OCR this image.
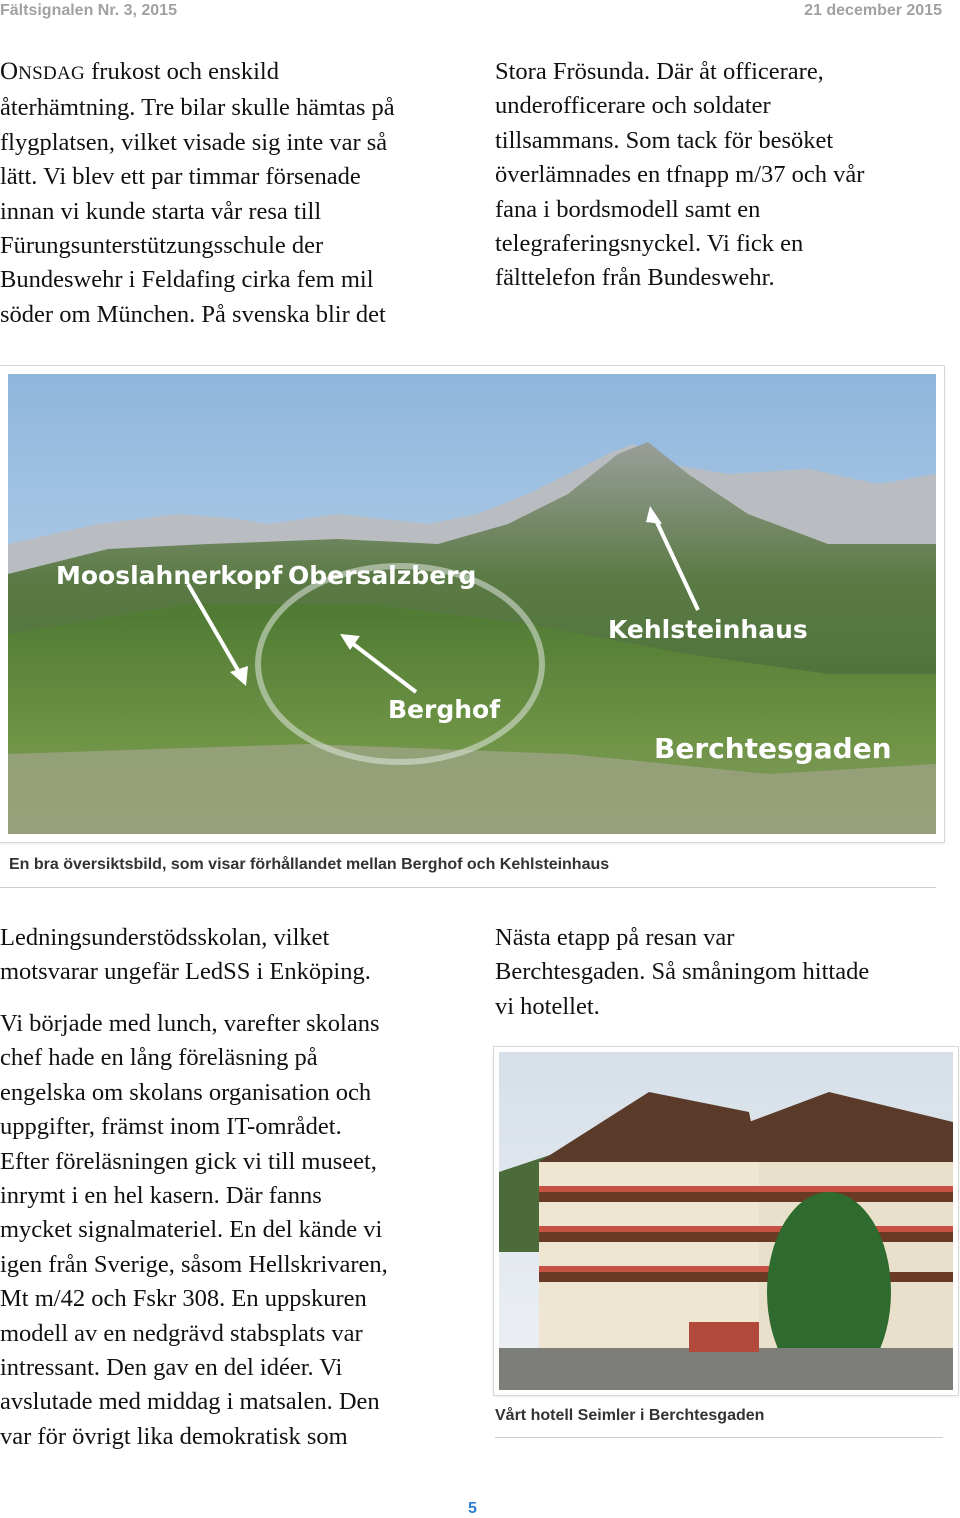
Fältsignalen Nr. 3, 2015	21 december 2015

ONSDAG frukost och enskild

återhämtning. Tre bilar skulle hämtas på

flygplatsen, vilket visade sig inte var så

lätt. Vi blev ett par timmar försenade

innan vi kunde starta vår resa till

Fürungsunterstützungsschule der

Bundeswehr i Feldafing cirka fem mil

söder om München. På svenska blir det

Stora Frösunda. Där åt officerare,

underofficerare och soldater

tillsammans. Som tack för besöket

överlämnades en tfnapp m/37 och vår

fana i bordsmodell samt en

telegraferingsnyckel. Vi fick en

fälttelefon från Bundeswehr.

Mooslahnerkopf Obersalzberg
Kehlsteinhaus
Berghof
Berchtesgaden
En bra översiktsbild, som visar förhållandet mellan Berghof och Kehlsteinhaus

Ledningsunderstödsskolan, vilket

motsvarar ungefär LedSS i Enköping.

Vi började med lunch, varefter skolans

chef hade en lång föreläsning på

engelska om skolans organisation och

uppgifter, främst inom IT-området.

Efter föreläsningen gick vi till museet,

inrymt i en hel kasern. Där fanns

mycket signalmateriel. En del kände vi

igen från Sverige, såsom Hellskrivaren,

Mt m/42 och Fskr 308. En uppskuren

modell av en nedgrävd stabsplats var

intressant. Den gav en del idéer. Vi

avslutade med middag i matsalen. Den

var för övrigt lika demokratisk som

Nästa etapp på resan var

Berchtesgaden. Så småningom hittade

vi hotellet.

Vårt hotell Seimler i Berchtesgaden
5
